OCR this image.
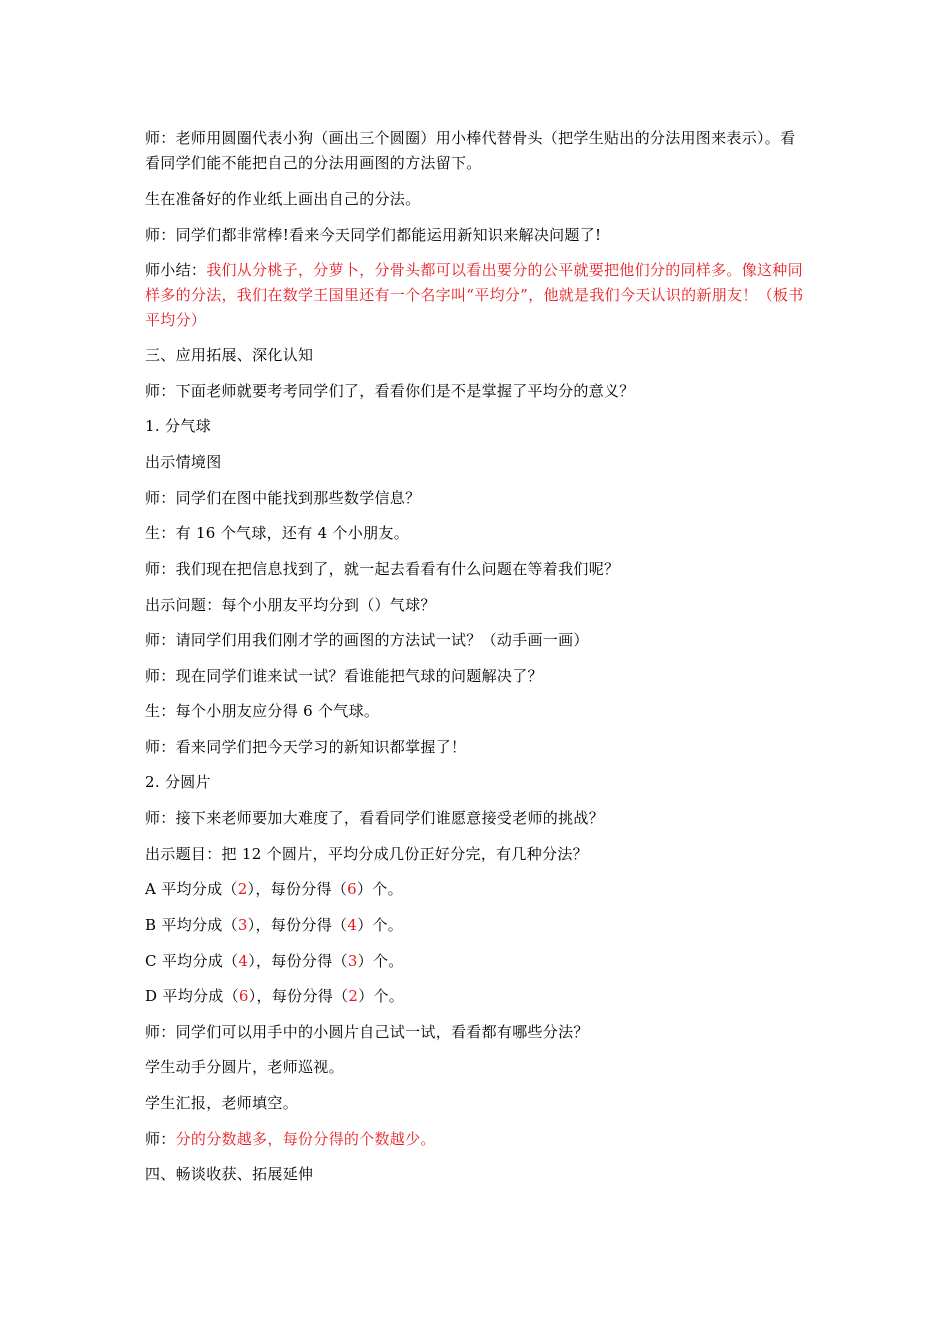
师：老师用圆圈代表小狗（画出三个圆圈）用小棒代替骨头（把学生贴出的分法用图来表示）。看看同学们能不能把自己的分法用画图的方法留下。
生在准备好的作业纸上画出自己的分法。
师：同学们都非常棒!看来今天同学们都能运用新知识来解决问题了!
师小结：我们从分桃子，分萝卜，分骨头都可以看出要分的公平就要把他们分的同样多。像这种同样多的分法，我们在数学王国里还有一个名字叫“平均分”，他就是我们今天认识的新朋友！（板书平均分）
三、应用拓展、深化认知
师：下面老师就要考考同学们了，看看你们是不是掌握了平均分的意义？
1. 分气球
出示情境图
师：同学们在图中能找到那些数学信息？
生：有 16 个气球，还有 4 个小朋友。
师：我们现在把信息找到了，就一起去看看有什么问题在等着我们呢？
出示问题：每个小朋友平均分到（）气球？
师：请同学们用我们刚才学的画图的方法试一试？（动手画一画）
师：现在同学们谁来试一试？看谁能把气球的问题解决了？
生：每个小朋友应分得 6 个气球。
师：看来同学们把今天学习的新知识都掌握了！
2. 分圆片
师：接下来老师要加大难度了，看看同学们谁愿意接受老师的挑战？
出示题目：把 12 个圆片，平均分成几份正好分完，有几种分法？
A 平均分成（2），每份分得（6）个。
B 平均分成（3），每份分得（4）个。
C 平均分成（4），每份分得（3）个。
D 平均分成（6），每份分得（2）个。
师：同学们可以用手中的小圆片自己试一试，看看都有哪些分法？
学生动手分圆片，老师巡视。
学生汇报，老师填空。
师：分的分数越多，每份分得的个数越少。
四、畅谈收获、拓展延伸
